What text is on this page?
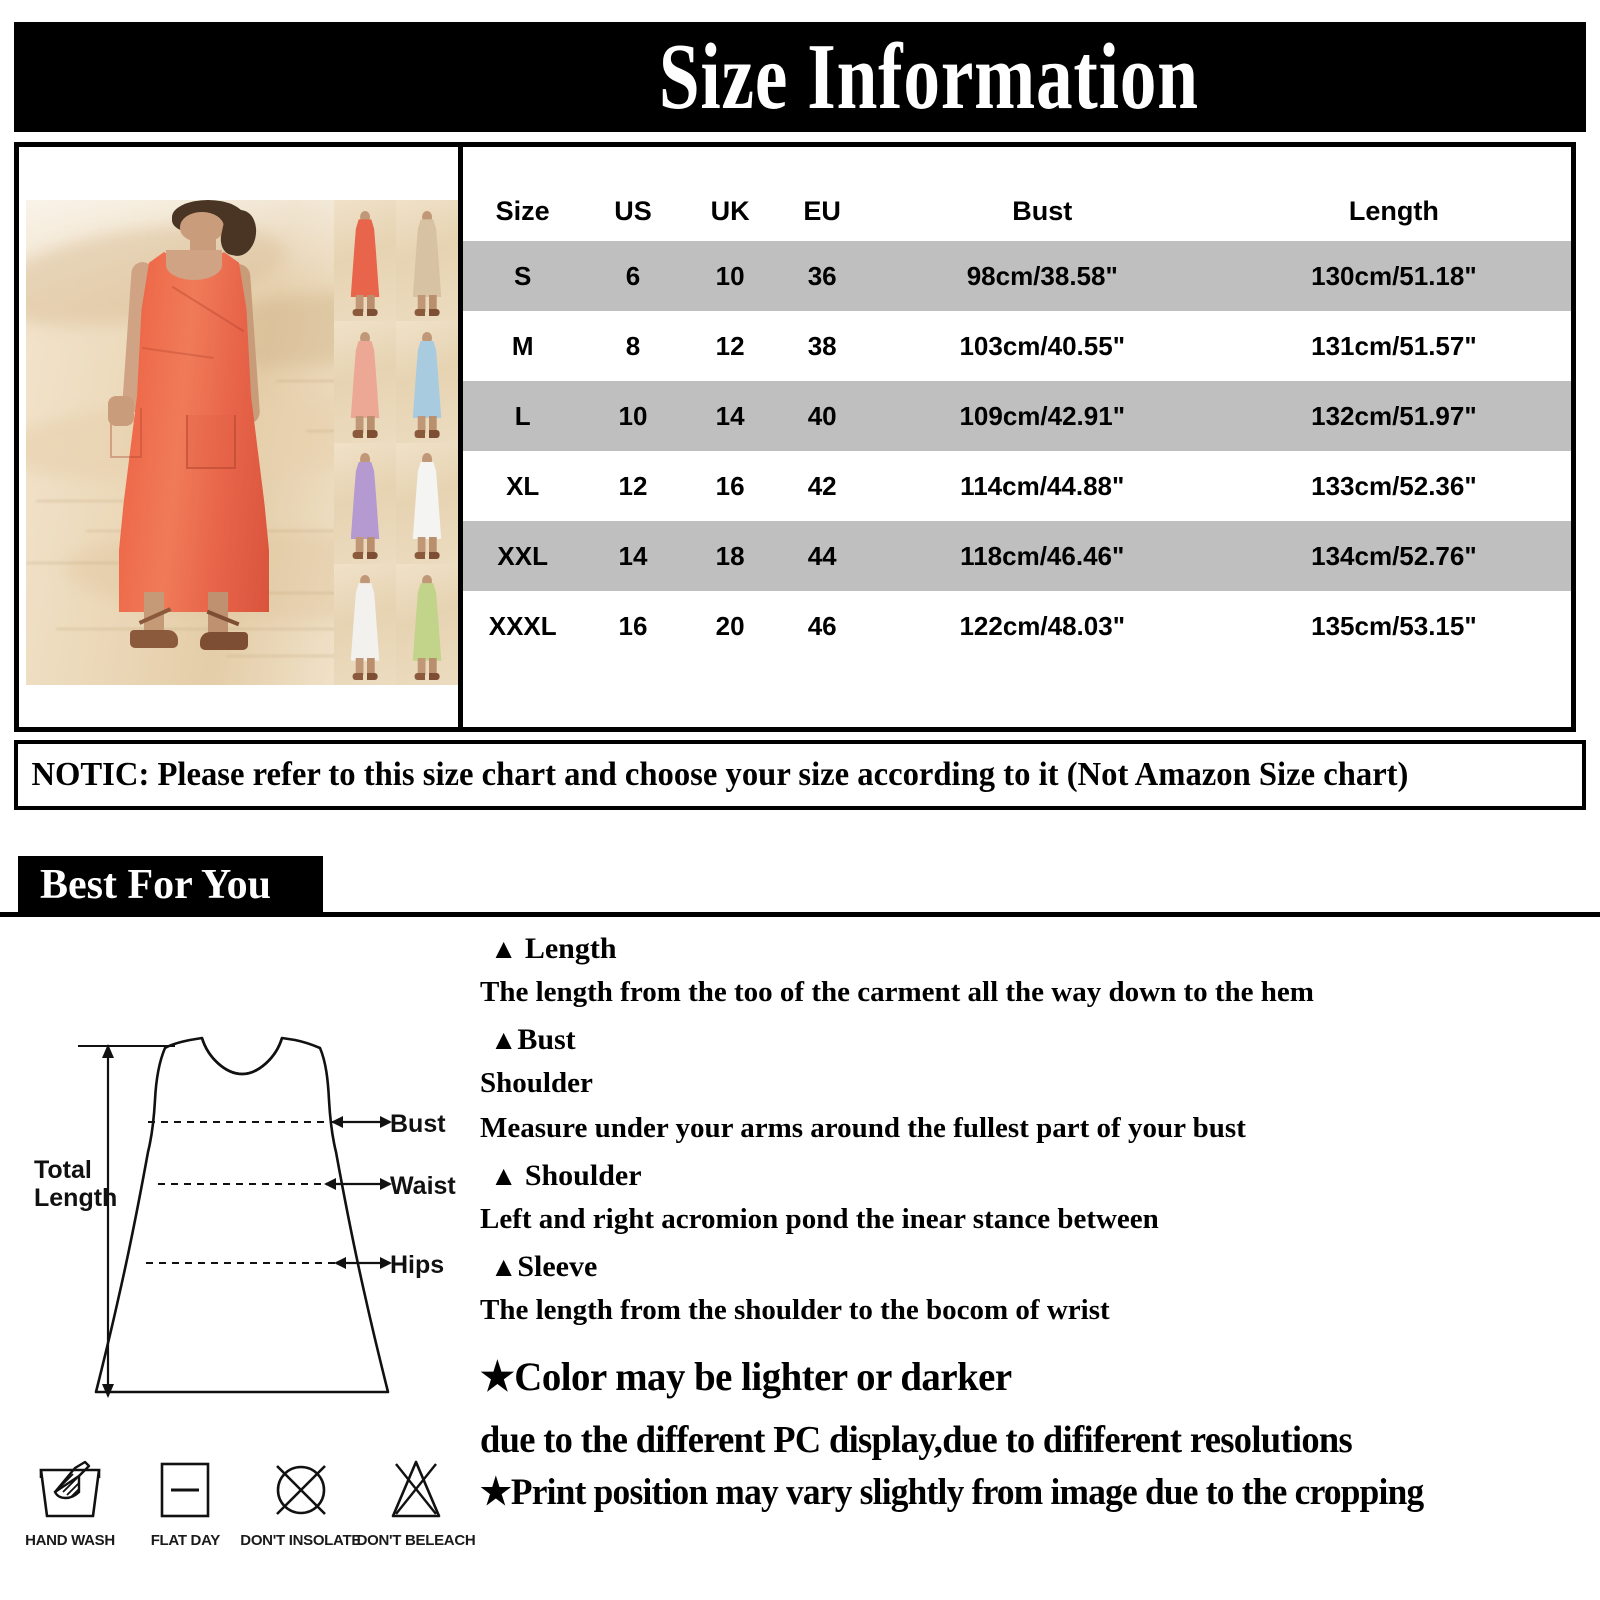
Size Information
Size	US	UK	EU	Bust	Length
S	6	10	36	98cm/38.58"	130cm/51.18"
M	8	12	38	103cm/40.55"	131cm/51.57"
L	10	14	40	109cm/42.91"	132cm/51.97"
XL	12	16	42	114cm/44.88"	133cm/52.36"
XXL	14	18	44	118cm/46.46"	134cm/52.76"
XXXL	16	20	46	122cm/48.03"	135cm/53.15"
NOTIC: Please refer to this size chart and choose your size according to it (Not Amazon Size chart)
Best For You
Total
Length
Bust
Waist
Hips
HAND WASH FLAT DAY DON'T INSOLATE
DON'T BELEACH
▲ Length
The length from the too of the carment all the way down to the hem
▲Bust
Shoulder
Measure under your arms around the fullest part of your bust
▲ Shoulder
Left and right acromion pond the inear stance between
▲Sleeve
The length from the shoulder to the bocom of wrist
★Color may be lighter or darker
due to the different PC display,due to dififerent resolutions
★Print position may vary slightly from image due to the cropping
